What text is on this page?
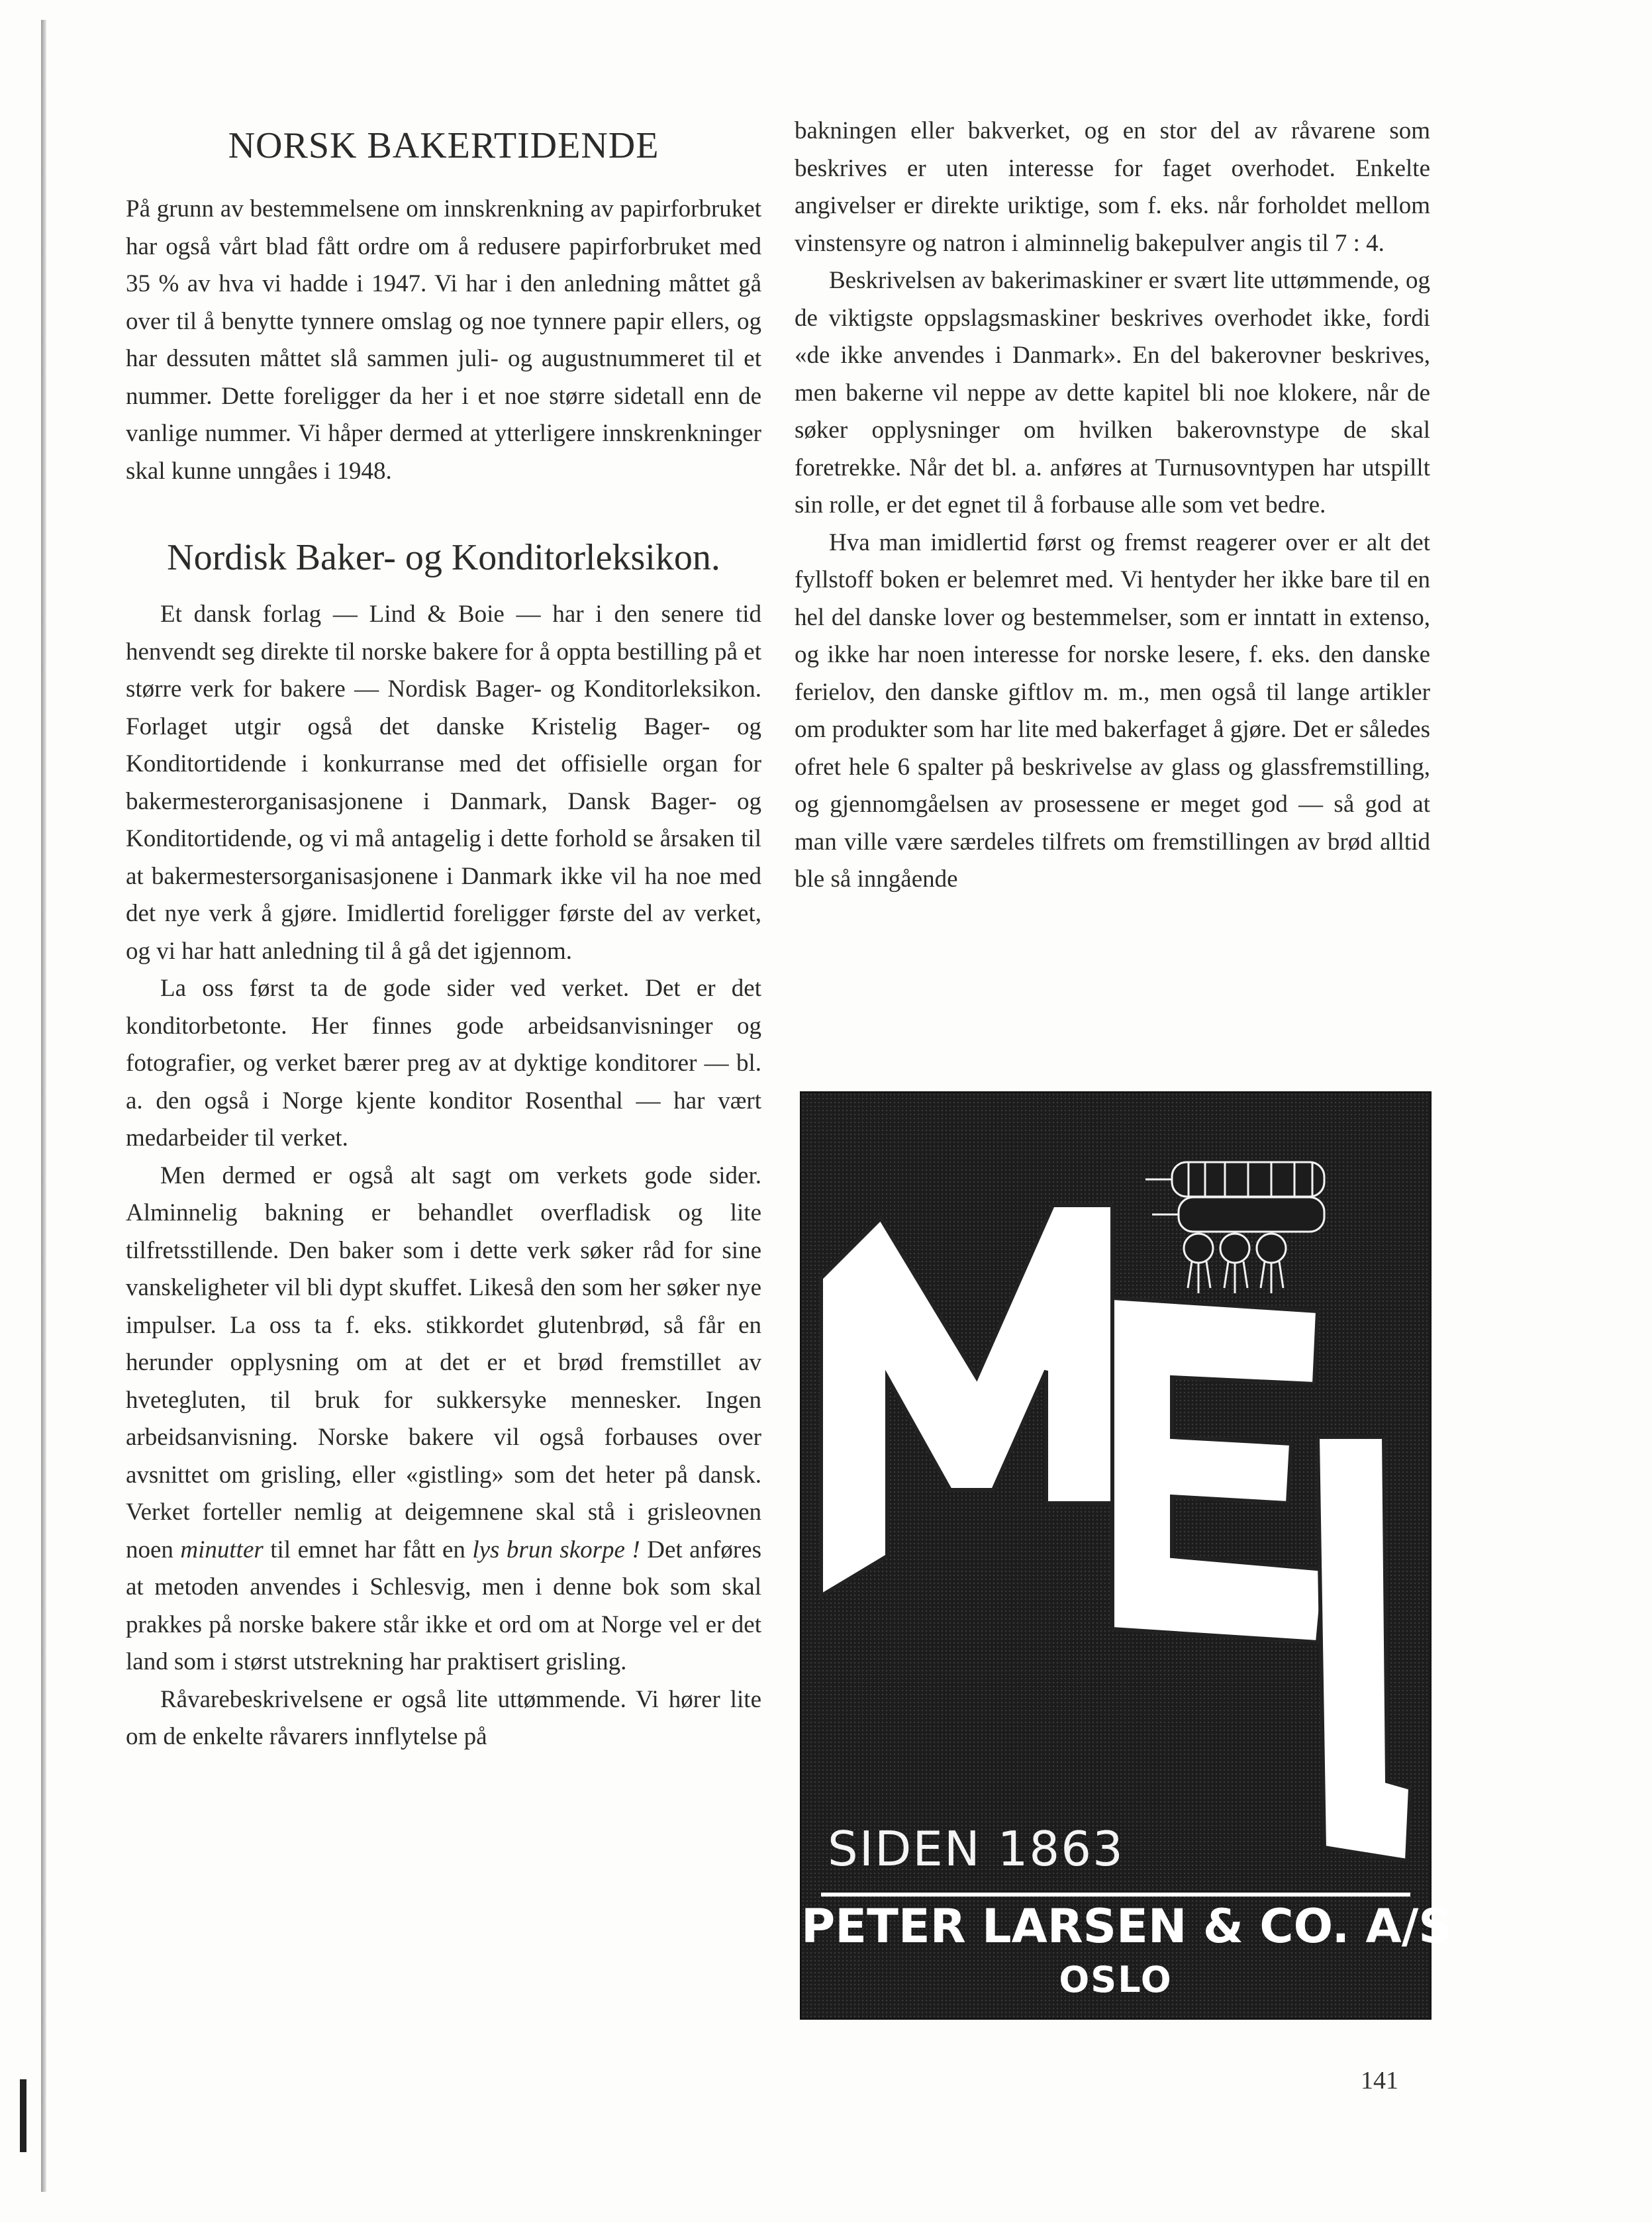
NORSK BAKERTIDENDE

På grunn av bestemmelsene om innskrenkning av papirforbruket har også vårt blad fått ordre om å redusere papirforbruket med 35 % av hva vi hadde i 1947. Vi har i den anledning måttet gå over til å benytte tynnere omslag og noe tynnere papir ellers, og har dessuten måttet slå sammen juli- og augustnummeret til et nummer. Dette foreligger da her i et noe større sidetall enn de vanlige nummer. Vi håper dermed at ytterligere innskrenkninger skal kunne unngåes i 1948.

Nordisk Baker- og Konditorleksikon.

Et dansk forlag — Lind & Boie — har i den senere tid henvendt seg direkte til norske bakere for å oppta bestilling på et større verk for bakere — Nordisk Bager- og Konditorleksikon. Forlaget utgir også det danske Kristelig Bager- og Konditortidende i konkurranse med det offisielle organ for bakermesterorganisasjonene i Danmark, Dansk Bager- og Konditortidende, og vi må antagelig i dette forhold se årsaken til at bakermestersorganisasjonene i Danmark ikke vil ha noe med det nye verk å gjøre. Imidlertid foreligger første del av verket, og vi har hatt anledning til å gå det igjennom.

La oss først ta de gode sider ved verket. Det er det konditorbetonte. Her finnes gode arbeidsanvisninger og fotografier, og verket bærer preg av at dyktige konditorer — bl. a. den også i Norge kjente konditor Rosenthal — har vært medarbeider til verket.

Men dermed er også alt sagt om verkets gode sider. Alminnelig bakning er behandlet overfladisk og lite tilfretsstillende. Den baker som i dette verk søker råd for sine vanskeligheter vil bli dypt skuffet. Likeså den som her søker nye impulser. La oss ta f. eks. stikkordet glutenbrød, så får en herunder opplysning om at det er et brød fremstillet av hvetegluten, til bruk for sukkersyke mennesker. Ingen arbeidsanvisning. Norske bakere vil også forbauses over avsnittet om grisling, eller «gistling» som det heter på dansk. Verket forteller nemlig at deigemnene skal stå i grisleovnen noen minutter til emnet har fått en lys brun skorpe ! Det anføres at metoden anvendes i Schlesvig, men i denne bok som skal prakkes på norske bakere står ikke et ord om at Norge vel er det land som i størst utstrekning har praktisert grisling.

Råvarebeskrivelsene er også lite uttømmende. Vi hører lite om de enkelte råvarers innflytelse på

bakningen eller bakverket, og en stor del av råvarene som beskrives er uten interesse for faget overhodet. Enkelte angivelser er direkte uriktige, som f. eks. når forholdet mellom vinstensyre og natron i alminnelig bakepulver angis til 7 : 4.

Beskrivelsen av bakerimaskiner er svært lite uttømmende, og de viktigste oppslagsmaskiner beskrives overhodet ikke, fordi «de ikke anvendes i Danmark». En del bakerovner beskrives, men bakerne vil neppe av dette kapitel bli noe klokere, når de søker opplysninger om hvilken bakerovnstype de skal foretrekke. Når det bl. a. anføres at Turnusovntypen har utspillt sin rolle, er det egnet til å forbause alle som vet bedre.

Hva man imidlertid først og fremst reagerer over er alt det fyllstoff boken er belemret med. Vi hentyder her ikke bare til en hel del danske lover og bestemmelser, som er inntatt in extenso, og ikke har noen interesse for norske lesere, f. eks. den danske ferielov, den danske giftlov m. m., men også til lange artikler om produkter som har lite med bakerfaget å gjøre. Det er således ofret hele 6 spalter på beskrivelse av glass og glassfremstilling, og gjennomgåelsen av prosessene er meget god — så god at man ville være særdeles tilfrets om fremstillingen av brød alltid ble så inngående

SIDEN 1863
PETER LARSEN & CO. A/S
OSLO
141
